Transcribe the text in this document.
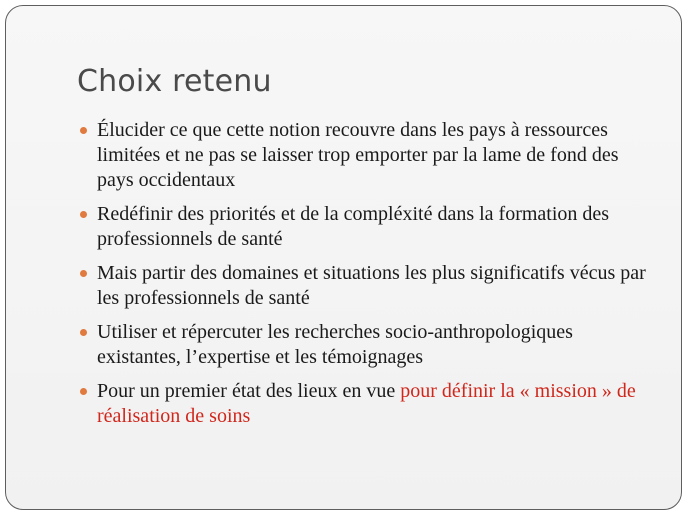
Choix retenu
Élucider ce que cette notion recouvre dans les pays à ressources limitées et ne pas se laisser trop emporter par la lame de fond des pays occidentaux
Redéfinir des priorités et de la compléxité dans la formation des professionnels de santé
Mais partir des domaines et situations les plus significatifs vécus par les professionnels de santé
Utiliser et répercuter les recherches socio-anthropologiques existantes, l’expertise et les témoignages
Pour un premier état des lieux en vue pour définir la « mission » de réalisation de soins
